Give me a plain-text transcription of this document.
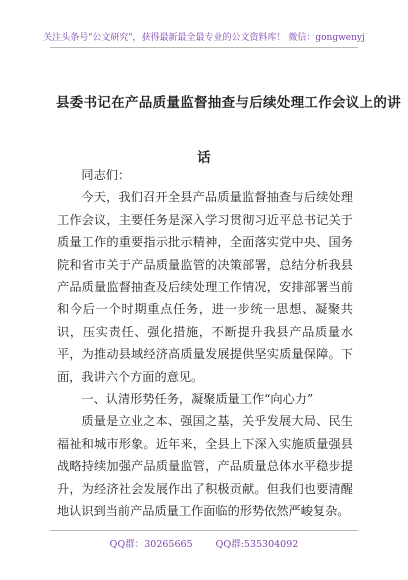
关注头条号"公文研究"，获得最新最全最专业的公文资料库！ 微信：gongwenyj
县委书记在产品质量监督抽查与后续处理工作会议上的讲
话

同志们：

今天，我们召开全县产品质量监督抽查与后续处理工作会议，主要任务是深入学习贯彻习近平总书记关于质量工作的重要指示批示精神，全面落实党中央、国务院和省市关于产品质量监管的决策部署，总结分析我县产品质量监督抽查及后续处理工作情况，安排部署当前和今后一个时期重点任务，进一步统一思想、凝聚共识，压实责任、强化措施，不断提升我县产品质量水平，为推动县域经济高质量发展提供坚实质量保障。下面，我讲六个方面的意见。

一、认清形势任务，凝聚质量工作“向心力”

质量是立业之本、强国之基，关乎发展大局、民生福祉和城市形象。近年来，全县上下深入实施质量强县战略持续加强产品质量监管，产品质量总体水平稳步提升，为经济社会发展作出了积极贡献。但我们也要清醒地认识到当前产品质量工作面临的形势依然严峻复杂。

QQ群：30265665 QQ群:535304092
